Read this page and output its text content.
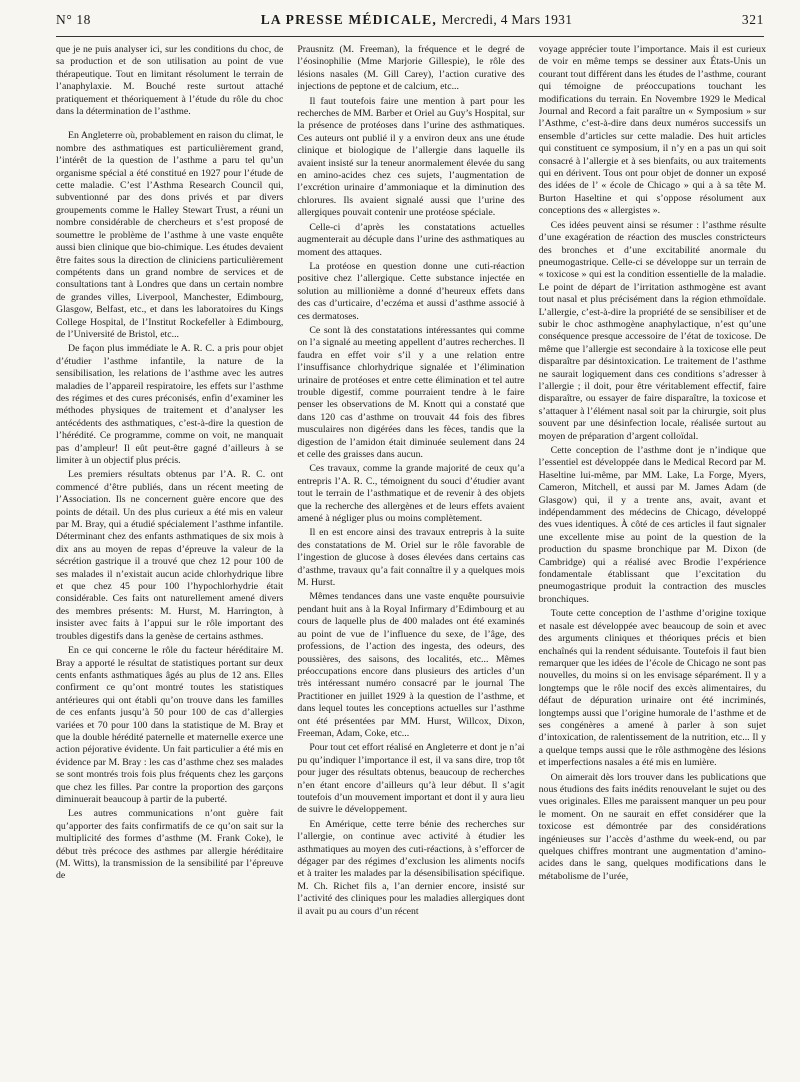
N° 18	LA PRESSE MÉDICALE, Mercredi, 4 Mars 1931	321

que je ne puis analyser ici, sur les conditions du choc, de sa production et de son utilisation au point de vue thérapeutique. Tout en limitant résolument le terrain de l’anaphylaxie. M. Bouché reste surtout attaché pratiquement et théoriquement à l’étude du rôle du choc dans la détermination de l’asthme.

En Angleterre où, probablement en raison du climat, le nombre des asthmatiques est particulièrement grand, l’intérêt de la question de l’asthme a paru tel qu’un organisme spécial a été constitué en 1927 pour l’étude de cette maladie. C’est l’Asthma Research Council qui, subventionné par des dons privés et par divers groupements comme le Halley Stewart Trust, a réuni un nombre considérable de chercheurs et s’est proposé de soumettre le problème de l’asthme à une vaste enquête aussi bien clinique que bio-chimique. Les études devaient être faites sous la direction de cliniciens particulièrement compétents dans un grand nombre de services et de consultations tant à Londres que dans un certain nombre de grandes villes, Liverpool, Manchester, Edimbourg, Glasgow, Belfast, etc., et dans les laboratoires du Kings College Hospital, de l’Institut Rockefeller à Edimbourg, de l’Université de Bristol, etc...

De façon plus immédiate le A. R. C. a pris pour objet d’étudier l’asthme infantile, la nature de la sensibilisation, les relations de l’asthme avec les autres maladies de l’appareil respiratoire, les effets sur l’asthme des régimes et des cures préconisés, enfin d’examiner les méthodes physiques de traitement et d’analyser les antécédents des asthmatiques, c’est-à-dire la question de l’hérédité. Ce programme, comme on voit, ne manquait pas d’ampleur! Il eût peut-être gagné d’ailleurs à se limiter à un objectif plus précis.

Les premiers résultats obtenus par l’A. R. C. ont commencé d’être publiés, dans un récent meeting de l’Association. Ils ne concernent guère encore que des points de détail. Un des plus curieux a été mis en valeur par M. Bray, qui a étudié spécialement l’asthme infantile. Déterminant chez des enfants asthmatiques de six mois à dix ans au moyen de repas d’épreuve la valeur de la sécrétion gastrique il a trouvé que chez 12 pour 100 de ses malades il n’existait aucun acide chlorhydrique libre et que chez 45 pour 100 l’hypochlorhydrie était considérable. Ces faits ont naturellement amené divers des membres présents: M. Hurst, M. Harrington, à insister avec faits à l’appui sur le rôle important des troubles digestifs dans la genèse de certains asthmes.

En ce qui concerne le rôle du facteur héréditaire M. Bray a apporté le résultat de statistiques portant sur deux cents enfants asthmatiques âgés au plus de 12 ans. Elles confirment ce qu’ont montré toutes les statistiques antérieures qui ont établi qu’on trouve dans les familles de ces enfants jusqu’à 50 pour 100 de cas d’allergies variées et 70 pour 100 dans la statistique de M. Bray et que la double hérédité paternelle et maternelle exerce une action péjorative évidente. Un fait particulier a été mis en évidence par M. Bray : les cas d’asthme chez ses malades se sont montrés trois fois plus fréquents chez les garçons que chez les filles. Par contre la proportion des garçons diminuerait beaucoup à partir de la puberté.

Les autres communications n’ont guère fait qu’apporter des faits confirmatifs de ce qu’on sait sur la multiplicité des formes d’asthme (M. Frank Coke), le début très précoce des asthmes par allergie héréditaire (M. Witts), la transmission de la sensibilité par l’épreuve de

Prausnitz (M. Freeman), la fréquence et le degré de l’éosinophilie (Mme Marjorie Gillespie), le rôle des lésions nasales (M. Gill Carey), l’action curative des injections de peptone et de calcium, etc...

Il faut toutefois faire une mention à part pour les recherches de MM. Barber et Oriel au Guy’s Hospital, sur la présence de protéoses dans l’urine des asthmatiques. Ces auteurs ont publié il y a environ deux ans une étude clinique et biologique de l’allergie dans laquelle ils avaient insisté sur la teneur anormalement élevée du sang en amino-acides chez ces sujets, l’augmentation de l’excrétion urinaire d’ammoniaque et la diminution des chlorures. Ils avaient signalé aussi que l’urine des allergiques pouvait contenir une protéose spéciale.

Celle-ci d’après les constatations actuelles augmenterait au décuple dans l’urine des asthmatiques au moment des attaques.

La protéose en question donne une cuti-réaction positive chez l’allergique. Cette substance injectée en solution au millionième a donné d’heureux effets dans des cas d’urticaire, d’eczéma et aussi d’asthme associé à ces dermatoses.

Ce sont là des constatations intéressantes qui comme on l’a signalé au meeting appellent d’autres recherches. Il faudra en effet voir s’il y a une relation entre l’insuffisance chlorhydrique signalée et l’élimination urinaire de protéoses et entre cette élimination et tel autre trouble digestif, comme pourraient tendre à le faire penser les observations de M. Knott qui a constaté que dans 120 cas d’asthme on trouvait 44 fois des fibres musculaires non digérées dans les fèces, tandis que la digestion de l’amidon était diminuée seulement dans 24 et celle des graisses dans aucun.

Ces travaux, comme la grande majorité de ceux qu’a entrepris l’A. R. C., témoignent du souci d’étudier avant tout le terrain de l’asthmatique et de revenir à des objets que la recherche des allergènes et de leurs effets avaient amené à négliger plus ou moins complètement.

Il en est encore ainsi des travaux entrepris à la suite des constatations de M. Oriel sur le rôle favorable de l’ingestion de glucose à doses élevées dans certains cas d’asthme, travaux qu’a fait connaître il y a quelques mois M. Hurst.

Mêmes tendances dans une vaste enquête poursuivie pendant huit ans à la Royal Infirmary d’Edimbourg et au cours de laquelle plus de 400 malades ont été examinés au point de vue de l’influence du sexe, de l’âge, des professions, de l’action des ingesta, des odeurs, des poussières, des saisons, des localités, etc... Mêmes préoccupations encore dans plusieurs des articles d’un très intéressant numéro consacré par le journal The Practitioner en juillet 1929 à la question de l’asthme, et dans lequel toutes les conceptions actuelles sur l’asthme ont été présentées par MM. Hurst, Willcox, Dixon, Freeman, Adam, Coke, etc...

Pour tout cet effort réalisé en Angleterre et dont je n’ai pu qu’indiquer l’importance il est, il va sans dire, trop tôt pour juger des résultats obtenus, beaucoup de recherches n’en étant encore d’ailleurs qu’à leur début. Il s’agit toutefois d’un mouvement important et dont il y aura lieu de suivre le développement.

En Amérique, cette terre bénie des recherches sur l’allergie, on continue avec activité à étudier les asthmatiques au moyen des cuti-réactions, à s’efforcer de dégager par des régimes d’exclusion les aliments nocifs et à traiter les malades par la désensibilisation spécifique. M. Ch. Richet fils a, l’an dernier encore, insisté sur l’activité des cliniques pour les maladies allergiques dont il avait pu au cours d’un récent

voyage apprécier toute l’importance. Mais il est curieux de voir en même temps se dessiner aux États-Unis un courant tout différent dans les études de l’asthme, courant qui témoigne de préoccupations touchant les modifications du terrain. En Novembre 1929 le Medical Journal and Record a fait paraître un « Symposium » sur l’Asthme, c’est-à-dire dans deux numéros successifs un ensemble d’articles sur cette maladie. Des huit articles qui constituent ce symposium, il n’y en a pas un qui soit consacré à l’allergie et à ses bienfaits, ou aux traitements qui en dérivent. Tous ont pour objet de donner un exposé des idées de l’ « école de Chicago » qui a à sa tête M. Burton Haseltine et qui s’oppose résolument aux conceptions des « allergistes ».

Ces idées peuvent ainsi se résumer : l’asthme résulte d’une exagération de réaction des muscles constricteurs des bronches et d’une excitabilité anormale du pneumogastrique. Celle-ci se développe sur un terrain de « toxicose » qui est la condition essentielle de la maladie. Le point de départ de l’irritation asthmogène est avant tout nasal et plus précisément dans la région ethmoïdale. L’allergie, c’est-à-dire la propriété de se sensibiliser et de subir le choc asthmogène anaphylactique, n’est qu’une conséquence presque accessoire de l’état de toxicose. De même que l’allergie est secondaire à la toxicose elle peut disparaître par désintoxication. Le traitement de l’asthme ne saurait logiquement dans ces conditions s’adresser à l’allergie ; il doit, pour être véritablement effectif, faire disparaître, ou essayer de faire disparaître, la toxicose et s’attaquer à l’élément nasal soit par la chirurgie, soit plus souvent par une désinfection locale, réalisée surtout au moyen de préparation d’argent colloïdal.

Cette conception de l’asthme dont je n’indique que l’essentiel est développée dans le Medical Record par M. Haseltine lui-même, par MM. Lake, La Forge, Myers, Cameron, Mitchell, et aussi par M. James Adam (de Glasgow) qui, il y a trente ans, avait, avant et indépendamment des médecins de Chicago, développé des vues identiques. À côté de ces articles il faut signaler une excellente mise au point de la question de la production du spasme bronchique par M. Dixon (de Cambridge) qui a réalisé avec Brodie l’expérience fondamentale établissant que l’excitation du pneumogastrique produit la contraction des muscles bronchiques.

Toute cette conception de l’asthme d’origine toxique et nasale est développée avec beaucoup de soin et avec des arguments cliniques et théoriques précis et bien enchaînés qui la rendent séduisante. Toutefois il faut bien remarquer que les idées de l’école de Chicago ne sont pas nouvelles, du moins si on les envisage séparément. Il y a longtemps que le rôle nocif des excès alimentaires, du défaut de dépuration urinaire ont été incriminés, longtemps aussi que l’origine humorale de l’asthme et de ses congénères a amené à parler à son sujet d’intoxication, de ralentissement de la nutrition, etc... Il y a quelque temps aussi que le rôle asthmogène des lésions et imperfections nasales a été mis en lumière.

On aimerait dès lors trouver dans les publications que nous étudions des faits inédits renouvelant le sujet ou des vues originales. Elles me paraissent manquer un peu pour le moment. On ne saurait en effet considérer que la toxicose est démontrée par des considérations ingénieuses sur l’accès d’asthme du week-end, ou par quelques chiffres montrant une augmentation d’amino-acides dans le sang, quelques modifications dans le métabolisme de l’urée,
